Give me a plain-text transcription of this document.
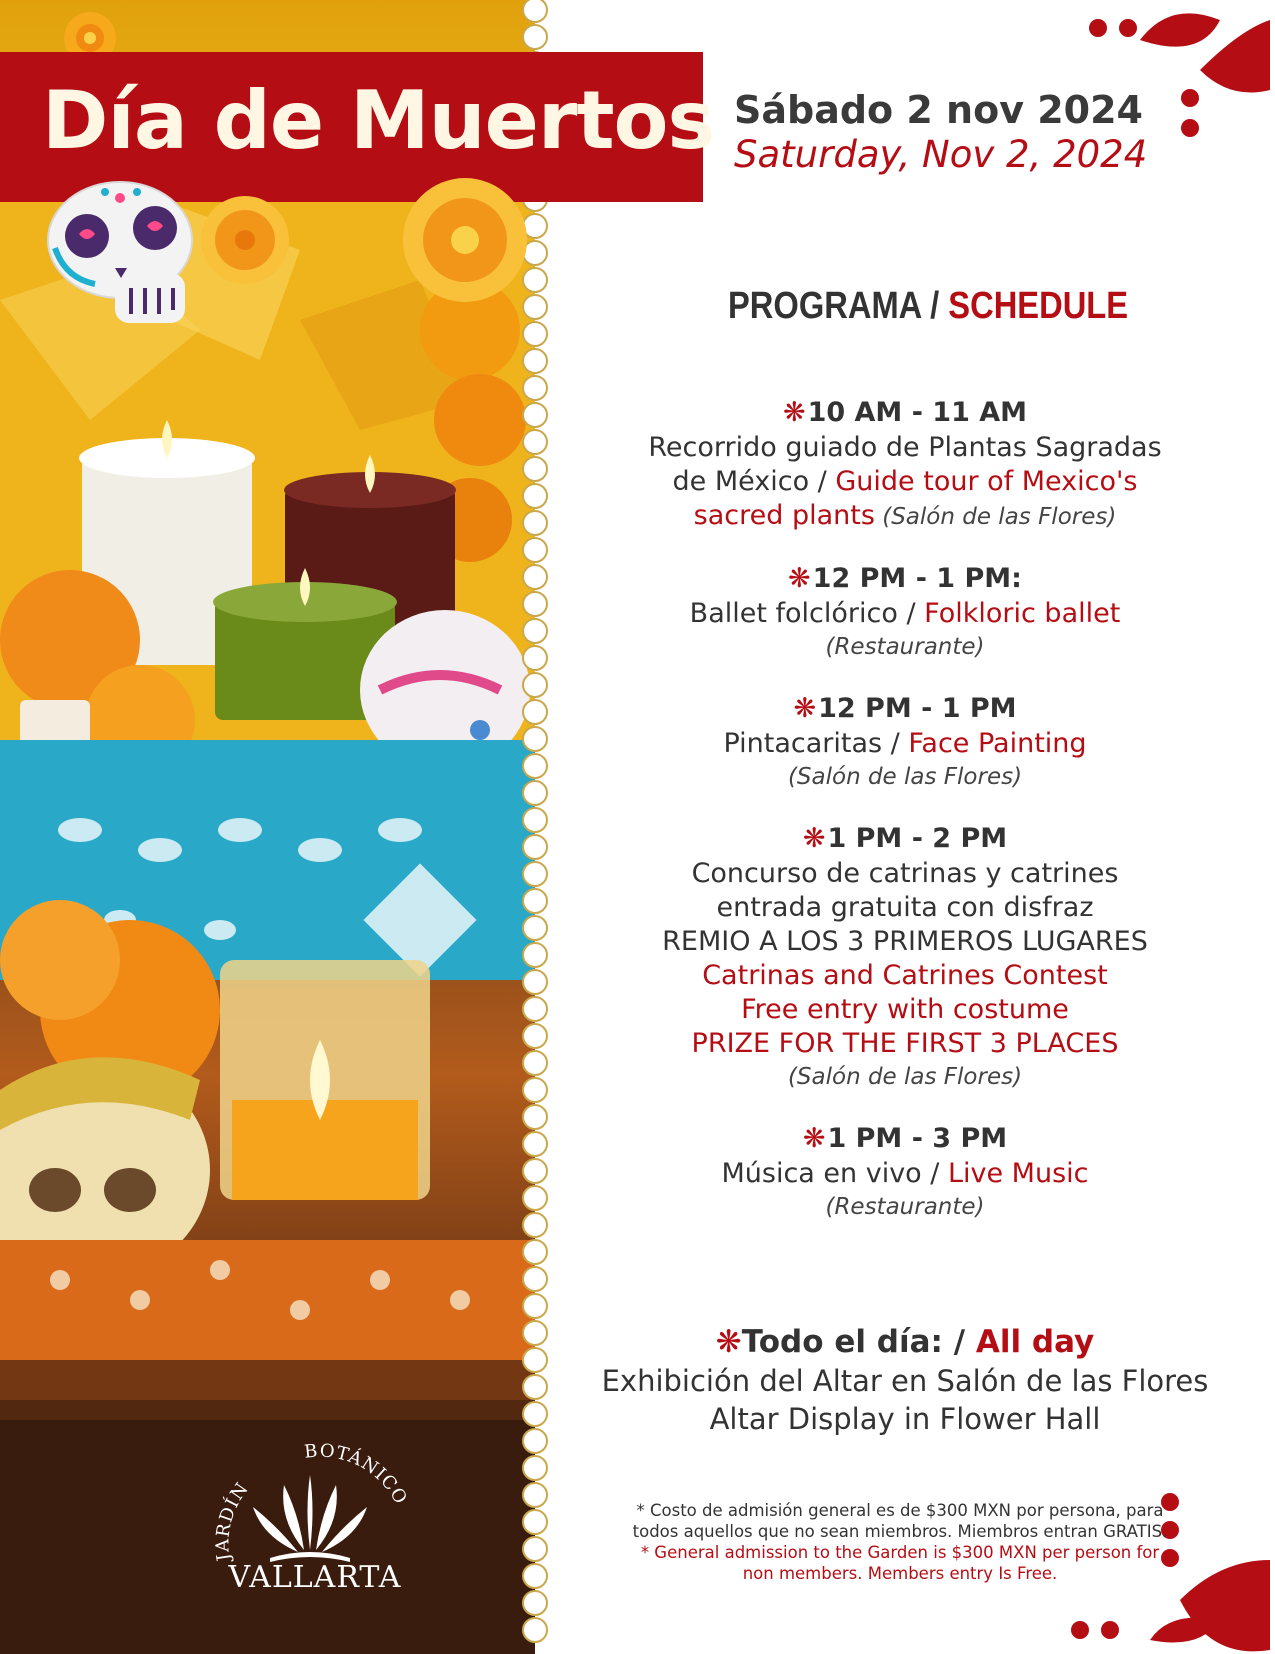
Día de Muertos Sábado 2 nov 2024
Saturday, Nov 2, 2024
PROGRAMA / SCHEDULE
❋10 AM - 11 AM
Recorrido guiado de Plantas Sagradas
de México / Guide tour of Mexico's
sacred plants (Salón de las Flores)
❋12 PM - 1 PM:
Ballet folclórico / Folkloric ballet
(Restaurante)
❋12 PM - 1 PM
Pintacaritas / Face Painting
(Salón de las Flores)
❋1 PM - 2 PM
Concurso de catrinas y catrines
entrada gratuita con disfraz
REMIO A LOS 3 PRIMEROS LUGARES
Catrinas and Catrines Contest
Free entry with costume
PRIZE FOR THE FIRST 3 PLACES
(Salón de las Flores)
❋1 PM - 3 PM
Música en vivo / Live Music
(Restaurante)
❋Todo el día: / All day
Exhibición del Altar en Salón de las Flores
Altar Display in Flower Hall
* Costo de admisión general es de $300 MXN por persona, para
todos aquellos que no sean miembros. Miembros entran GRATIS.
* General admission to the Garden is $300 MXN per person for
non members. Members entry Is Free.
JARDÍN
BOTÁNICO
VALLARTA
